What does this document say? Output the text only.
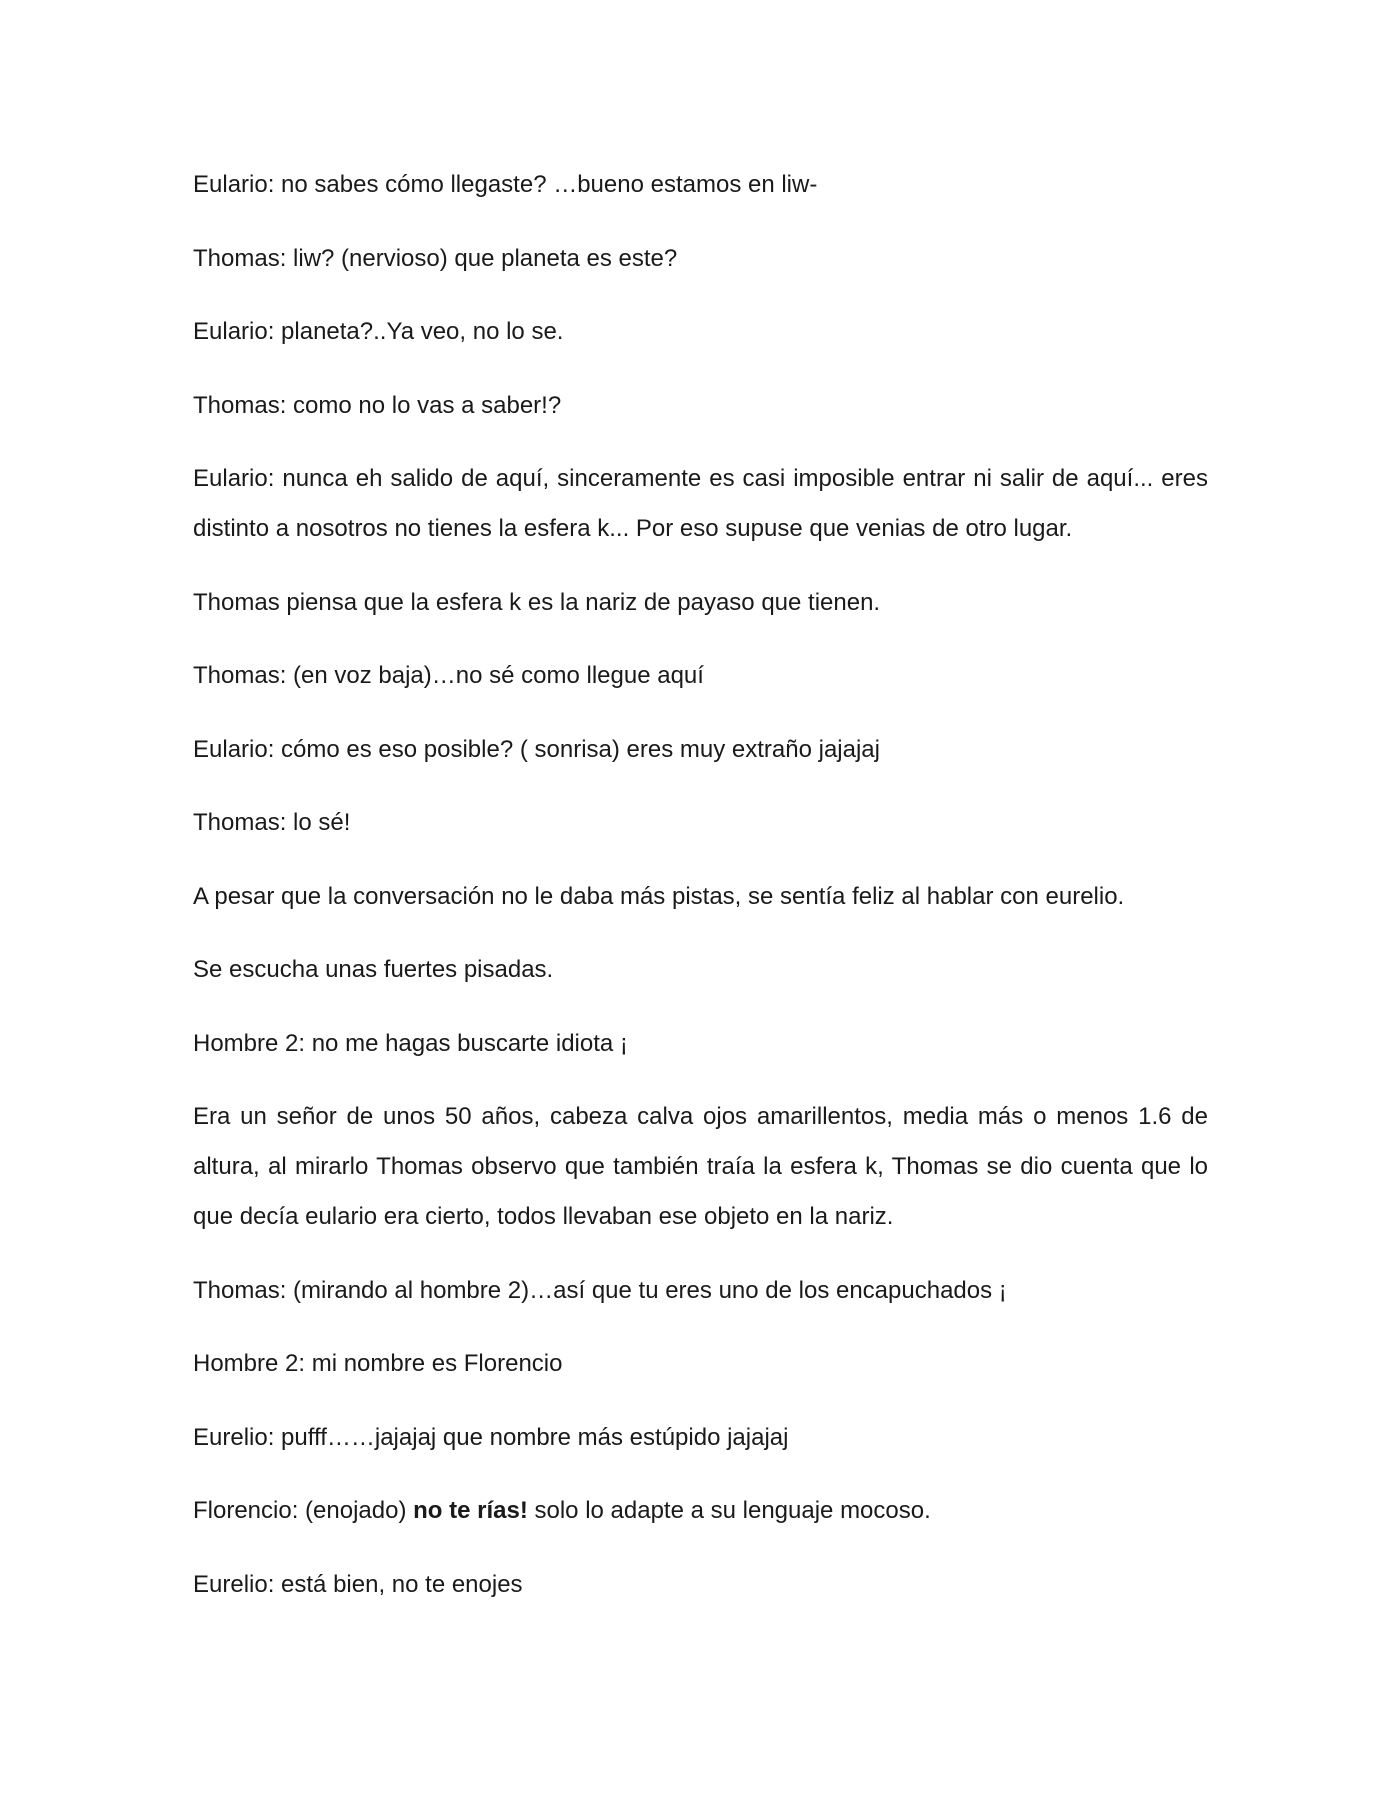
Eulario: no sabes cómo llegaste? …bueno estamos en liw-

Thomas: liw? (nervioso) que planeta es este?

Eulario: planeta?..Ya veo, no lo se.

Thomas: como no lo vas a saber!?

Eulario: nunca eh salido de aquí, sinceramente es casi imposible entrar ni salir de aquí... eres distinto a nosotros no tienes la esfera k... Por eso supuse que venias de otro lugar.

Thomas piensa que la esfera k es la nariz de payaso que tienen.

Thomas: (en voz baja)…no sé como llegue aquí

Eulario: cómo es eso posible? ( sonrisa) eres muy extraño jajajaj

Thomas: lo sé!

A pesar que la conversación no le daba más pistas, se sentía feliz al hablar con eurelio.

Se escucha unas fuertes pisadas.

Hombre 2: no me hagas buscarte idiota ¡

Era un señor de unos 50 años, cabeza calva ojos amarillentos, media más o menos 1.6 de altura, al mirarlo Thomas observo que también traía la esfera k, Thomas se dio cuenta que lo que decía eulario era cierto, todos llevaban ese objeto en la nariz.

Thomas: (mirando al hombre 2)…así que tu eres uno de los encapuchados ¡

Hombre 2: mi nombre es Florencio

Eurelio: pufff……jajajaj que nombre más estúpido jajajaj

Florencio: (enojado) no te rías! solo lo adapte a su lenguaje mocoso.

Eurelio: está bien, no te enojes
